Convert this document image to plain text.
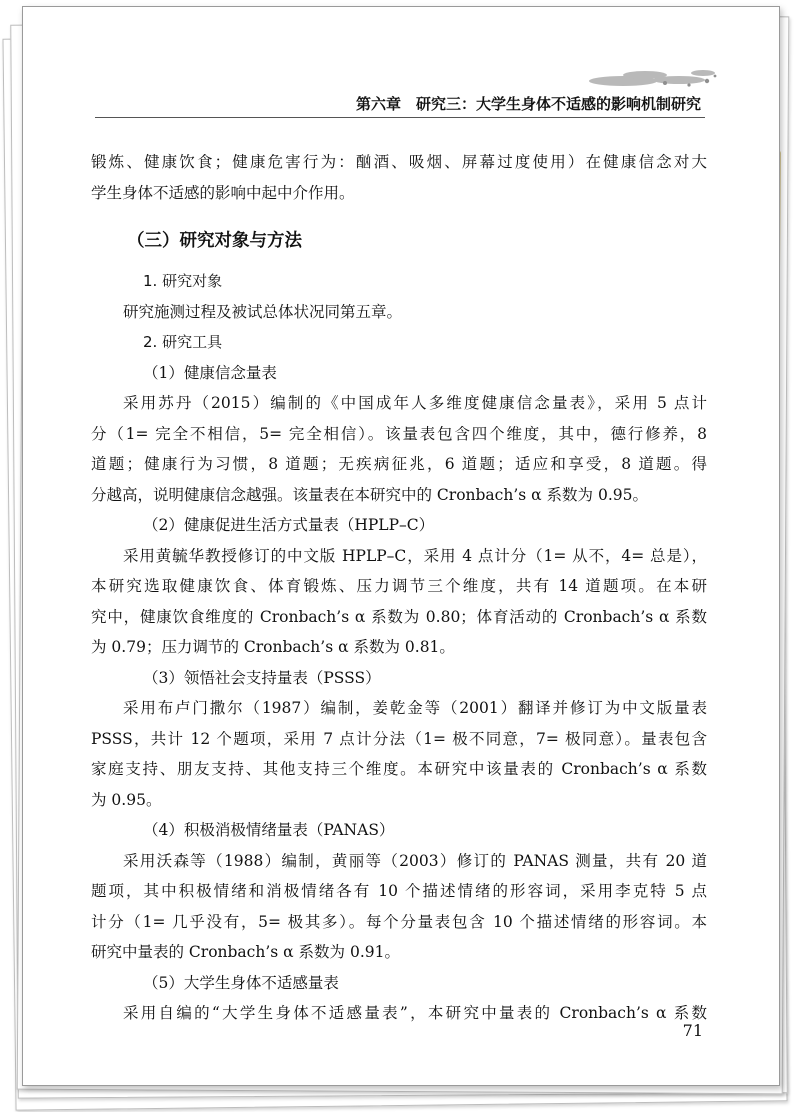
第六章　研究三：大学生身体不适感的影响机制研究
锻炼、健康饮食；健康危害行为：酗酒、吸烟、屏幕过度使用）在健康信念对大
学生身体不适感的影响中起中介作用。
（三）研究对象与方法
1. 研究对象
研究施测过程及被试总体状况同第五章。
2. 研究工具
（1）健康信念量表
采用苏丹（2015）编制的《中国成年人多维度健康信念量表》，采用 5 点计
分（1= 完全不相信，5= 完全相信）。该量表包含四个维度，其中，德行修养，8
道题；健康行为习惯，8 道题；无疾病征兆，6 道题；适应和享受，8 道题。得
分越高，说明健康信念越强。该量表在本研究中的 Cronbach’s α 系数为 0.95。
（2）健康促进生活方式量表（HPLP–C）
采用黄毓华教授修订的中文版 HPLP–C，采用 4 点计分（1= 从不，4= 总是），
本研究选取健康饮食、体育锻炼、压力调节三个维度，共有 14 道题项。在本研
究中，健康饮食维度的 Cronbach’s α 系数为 0.80；体育活动的 Cronbach’s α 系数
为 0.79；压力调节的 Cronbach’s α 系数为 0.81。
（3）领悟社会支持量表（PSSS）
采用布卢门撒尔（1987）编制，姜乾金等（2001）翻译并修订为中文版量表
PSSS，共计 12 个题项，采用 7 点计分法（1= 极不同意，7= 极同意）。量表包含
家庭支持、朋友支持、其他支持三个维度。本研究中该量表的 Cronbach’s α 系数
为 0.95。
（4）积极消极情绪量表（PANAS）
采用沃森等（1988）编制，黄丽等（2003）修订的 PANAS 测量，共有 20 道
题项，其中积极情绪和消极情绪各有 10 个描述情绪的形容词，采用李克特 5 点
计分（1= 几乎没有，5= 极其多）。每个分量表包含 10 个描述情绪的形容词。本
研究中量表的 Cronbach’s α 系数为 0.91。
（5）大学生身体不适感量表
采用自编的“大学生身体不适感量表”，本研究中量表的 Cronbach’s α 系数
71
